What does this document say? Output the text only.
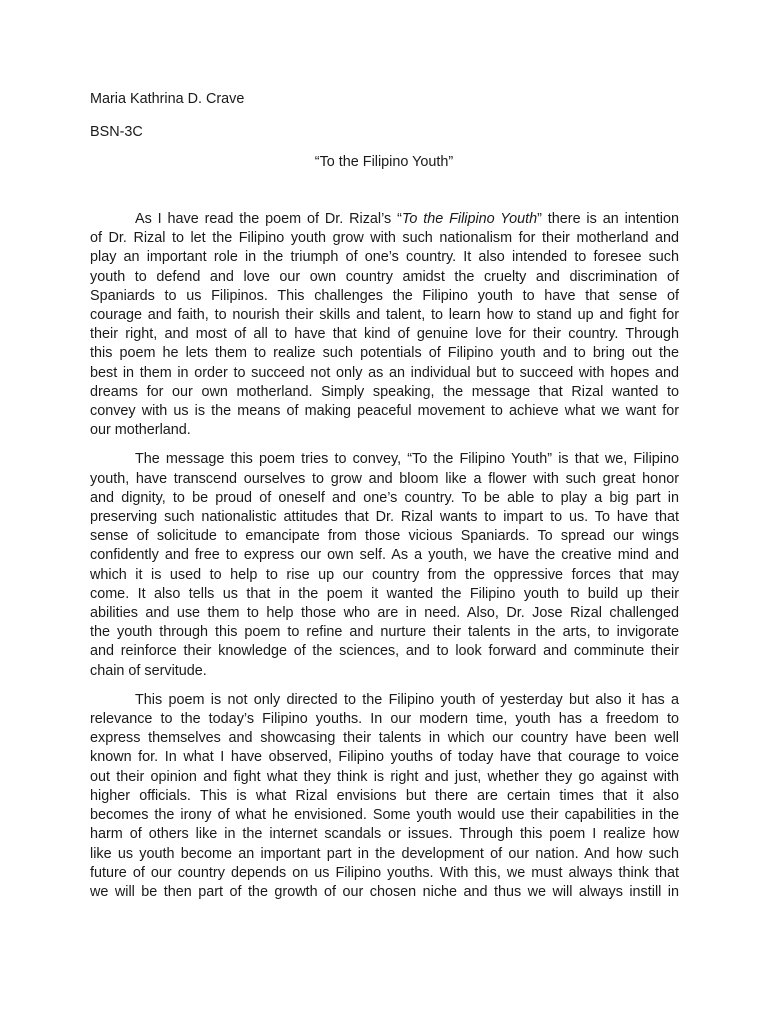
Maria Kathrina D. Crave
BSN-3C
“To the Filipino Youth”
As I have read the poem of Dr. Rizal’s “To the Filipino Youth” there is an intention
of Dr. Rizal to let the Filipino youth grow with such nationalism for their motherland and
play an important role in the triumph of one’s country. It also intended to foresee such
youth to defend and love our own country amidst the cruelty and discrimination of
Spaniards to us Filipinos. This challenges the Filipino youth to have that sense of
courage and faith, to nourish their skills and talent, to learn how to stand up and fight for
their right, and most of all to have that kind of genuine love for their country. Through
this poem he lets them to realize such potentials of Filipino youth and to bring out the
best in them in order to succeed not only as an individual but to succeed with hopes and
dreams for our own motherland. Simply speaking, the message that Rizal wanted to
convey with us is the means of making peaceful movement to achieve what we want for
our motherland.
The message this poem tries to convey, “To the Filipino Youth” is that we, Filipino
youth, have transcend ourselves to grow and bloom like a flower with such great honor
and dignity, to be proud of oneself and one’s country. To be able to play a big part in
preserving such nationalistic attitudes that Dr. Rizal wants to impart to us. To have that
sense of solicitude to emancipate from those vicious Spaniards. To spread our wings
confidently and free to express our own self. As a youth, we have the creative mind and
which it is used to help to rise up our country from the oppressive forces that may
come. It also tells us that in the poem it wanted the Filipino youth to build up their
abilities and use them to help those who are in need. Also, Dr. Jose Rizal challenged
the youth through this poem to refine and nurture their talents in the arts, to invigorate
and reinforce their knowledge of the sciences, and to look forward and comminute their
chain of servitude.
This poem is not only directed to the Filipino youth of yesterday but also it has a
relevance to the today’s Filipino youths. In our modern time, youth has a freedom to
express themselves and showcasing their talents in which our country have been well
known for. In what I have observed, Filipino youths of today have that courage to voice
out their opinion and fight what they think is right and just, whether they go against with
higher officials. This is what Rizal envisions but there are certain times that it also
becomes the irony of what he envisioned. Some youth would use their capabilities in the
harm of others like in the internet scandals or issues. Through this poem I realize how
like us youth become an important part in the development of our nation. And how such
future of our country depends on us Filipino youths. With this, we must always think that
we will be then part of the growth of our chosen niche and thus we will always instill in
